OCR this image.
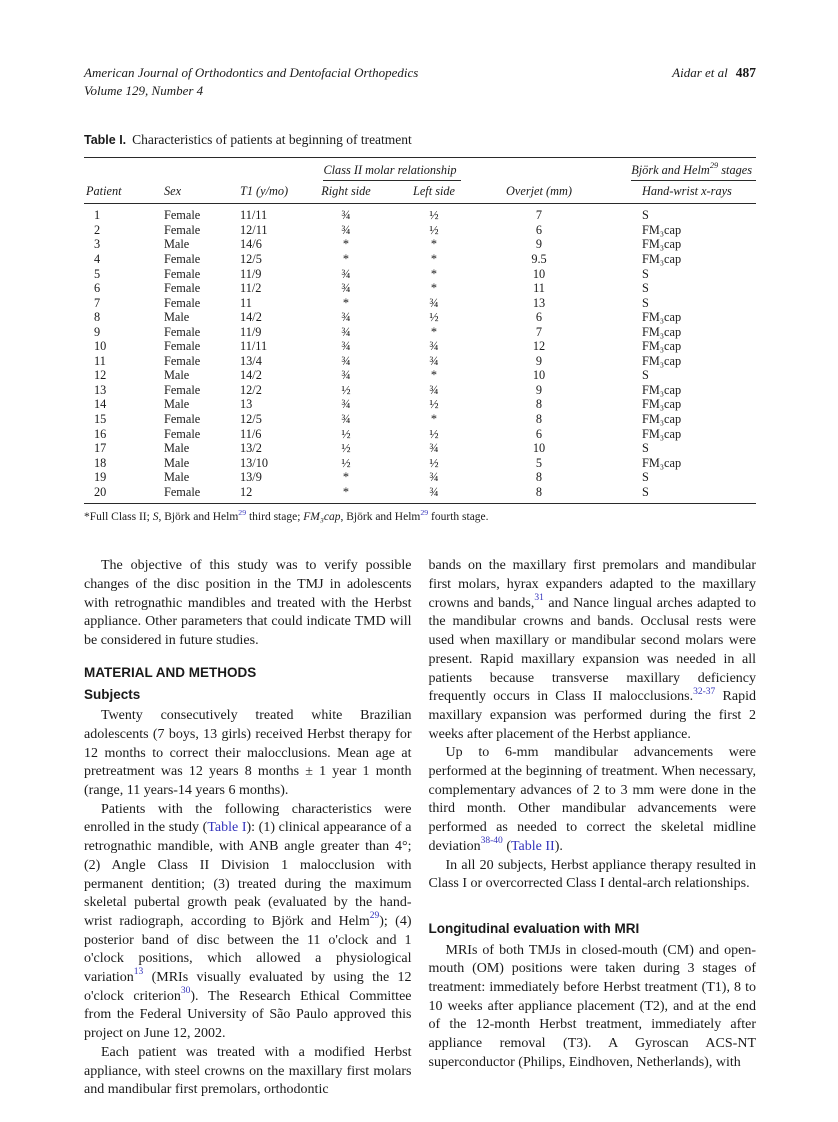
American Journal of Orthodontics and Dentofacial Orthopedics
Volume 129, Number 4
Aidar et al 487
Table I. Characteristics of patients at beginning of treatment
			Class II molar relationship			Björk and Helm$^{29}$ stages
Patient	Sex	T1 (y/mo)	Right side	Left side	Overjet (mm)	Hand-wrist x-rays
1	Female	11/11	¾	½	7	S
2	Female	12/11	¾	½	6	FM₃cap
3	Male	14/6	*	*	9	FM₃cap
4	Female	12/5	*	*	9.5	FM₃cap
5	Female	11/9	¾	*	10	S
6	Female	11/2	¾	*	11	S
7	Female	11	*	¾	13	S
8	Male	14/2	¾	½	6	FM₃cap
9	Female	11/9	¾	*	7	FM₃cap
10	Female	11/11	¾	¾	12	FM₃cap
11	Female	13/4	¾	¾	9	FM₃cap
12	Male	14/2	¾	*	10	S
13	Female	12/2	½	¾	9	FM₃cap
14	Male	13	¾	½	8	FM₃cap
15	Female	12/5	¾	*	8	FM₃cap
16	Female	11/6	½	½	6	FM₃cap
17	Male	13/2	½	¾	10	S
18	Male	13/10	½	½	5	FM₃cap
19	Male	13/9	*	¾	8	S
20	Female	12	*	¾	8	S
*Full Class II; S, Björk and Helm$^{29}$ third stage; FM₃cap, Björk and Helm$^{29}$ fourth stage.

The objective of this study was to verify possible changes of the disc position in the TMJ in adolescents with retrognathic mandibles and treated with the Herbst appliance. Other parameters that could indicate TMD will be considered in future studies.

MATERIAL AND METHODS
Subjects

Twenty consecutively treated white Brazilian adolescents (7 boys, 13 girls) received Herbst therapy for 12 months to correct their malocclusions. Mean age at pretreatment was 12 years 8 months ± 1 year 1 month (range, 11 years-14 years 6 months).

Patients with the following characteristics were enrolled in the study (Table I): (1) clinical appearance of a retrognathic mandible, with ANB angle greater than 4°; (2) Angle Class II Division 1 malocclusion with permanent dentition; (3) treated during the maximum skeletal pubertal growth peak (evaluated by the hand-wrist radiograph, according to Björk and Helm$^{29}$); (4) posterior band of disc between the 11 o'clock and 1 o'clock positions, which allowed a physiological variation$^{13}$ (MRIs visually evaluated by using the 12 o'clock criterion$^{30}$). The Research Ethical Committee from the Federal University of São Paulo approved this project on June 12, 2002.

Each patient was treated with a modified Herbst appliance, with steel crowns on the maxillary first molars and mandibular first premolars, orthodontic

bands on the maxillary first premolars and mandibular first molars, hyrax expanders adapted to the maxillary crowns and bands,$^{31}$ and Nance lingual arches adapted to the mandibular crowns and bands. Occlusal rests were used when maxillary or mandibular second molars were present. Rapid maxillary expansion was needed in all patients because transverse maxillary deficiency frequently occurs in Class II malocclusions.$^{32-37}$ Rapid maxillary expansion was performed during the first 2 weeks after placement of the Herbst appliance.

Up to 6-mm mandibular advancements were performed at the beginning of treatment. When necessary, complementary advances of 2 to 3 mm were done in the third month. Other mandibular advancements were performed as needed to correct the skeletal midline deviation$^{38-40}$ (Table II).

In all 20 subjects, Herbst appliance therapy resulted in Class I or overcorrected Class I dental-arch relationships.

Longitudinal evaluation with MRI

MRIs of both TMJs in closed-mouth (CM) and open-mouth (OM) positions were taken during 3 stages of treatment: immediately before Herbst treatment (T1), 8 to 10 weeks after appliance placement (T2), and at the end of the 12-month Herbst treatment, immediately after appliance removal (T3). A Gyroscan ACS-NT superconductor (Philips, Eindhoven, Netherlands), with
